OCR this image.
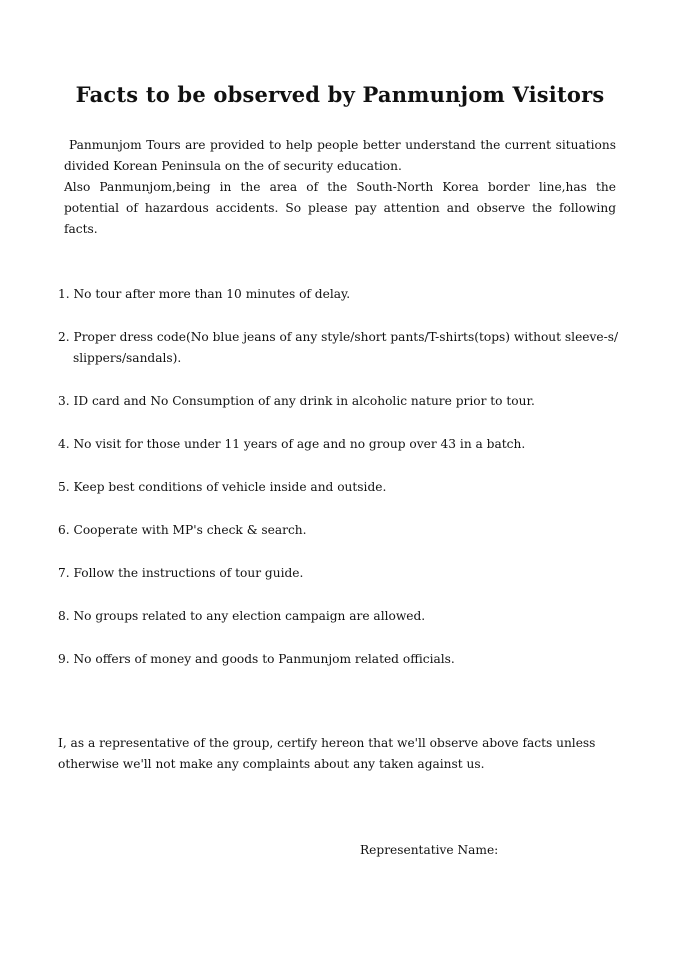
Facts to be observed by Panmunjom Visitors

Panmunjom Tours are provided to help people better understand the current situations divided Korean Peninsula on the of security education.

Also Panmunjom,being in the area of the South-North Korea border line,has the potential of hazardous accidents. So please pay attention and observe the following facts.

1. No tour after more than 10 minutes of delay.
2. Proper dress code(No blue jeans of any style/short pants/T-shirts(tops) without sleeve-s/ slippers/sandals).
3. ID card and No Consumption of any drink in alcoholic nature prior to tour.
4. No visit for those under 11 years of age and no group over 43 in a batch.
5. Keep best conditions of vehicle inside and outside.
6. Cooperate with MP's check & search.
7. Follow the instructions of tour guide.
8. No groups related to any election campaign are allowed.
9. No offers of money and goods to Panmunjom related officials.

I, as a representative of the group, certify hereon that we'll observe above facts unless otherwise we'll not make any complaints about any taken against us.

Representative Name:
